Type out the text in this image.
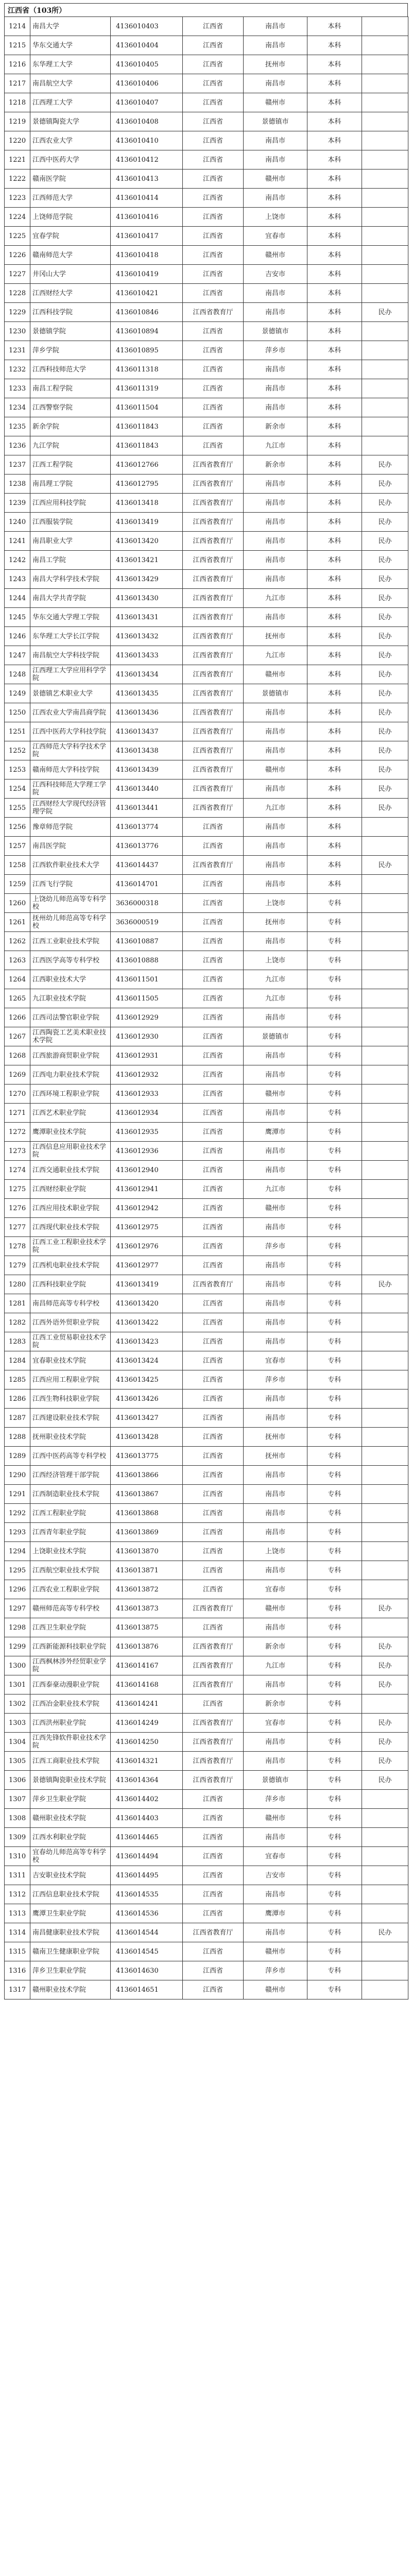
江西省（103所）
1214	南昌大学	4136010403	江西省	南昌市	本科	
1215	华东交通大学	4136010404	江西省	南昌市	本科	
1216	东华理工大学	4136010405	江西省	抚州市	本科	
1217	南昌航空大学	4136010406	江西省	南昌市	本科	
1218	江西理工大学	4136010407	江西省	赣州市	本科	
1219	景德镇陶瓷大学	4136010408	江西省	景德镇市	本科	
1220	江西农业大学	4136010410	江西省	南昌市	本科	
1221	江西中医药大学	4136010412	江西省	南昌市	本科	
1222	赣南医学院	4136010413	江西省	赣州市	本科	
1223	江西师范大学	4136010414	江西省	南昌市	本科	
1224	上饶师范学院	4136010416	江西省	上饶市	本科	
1225	宜春学院	4136010417	江西省	宜春市	本科	
1226	赣南师范大学	4136010418	江西省	赣州市	本科	
1227	井冈山大学	4136010419	江西省	吉安市	本科	
1228	江西财经大学	4136010421	江西省	南昌市	本科	
1229	江西科技学院	4136010846	江西省教育厅	南昌市	本科	民办
1230	景德镇学院	4136010894	江西省	景德镇市	本科	
1231	萍乡学院	4136010895	江西省	萍乡市	本科	
1232	江西科技师范大学	4136011318	江西省	南昌市	本科	
1233	南昌工程学院	4136011319	江西省	南昌市	本科	
1234	江西警察学院	4136011504	江西省	南昌市	本科	
1235	新余学院	4136011843	江西省	新余市	本科	
1236	九江学院	4136011843	江西省	九江市	本科	
1237	江西工程学院	4136012766	江西省教育厅	新余市	本科	民办
1238	南昌理工学院	4136012795	江西省教育厅	南昌市	本科	民办
1239	江西应用科技学院	4136013418	江西省教育厅	南昌市	本科	民办
1240	江西服装学院	4136013419	江西省教育厅	南昌市	本科	民办
1241	南昌职业大学	4136013420	江西省教育厅	南昌市	本科	民办
1242	南昌工学院	4136013421	江西省教育厅	南昌市	本科	民办
1243	南昌大学科学技术学院	4136013429	江西省教育厅	南昌市	本科	民办
1244	南昌大学共青学院	4136013430	江西省教育厅	九江市	本科	民办
1245	华东交通大学理工学院	4136013431	江西省教育厅	南昌市	本科	民办
1246	东华理工大学长江学院	4136013432	江西省教育厅	抚州市	本科	民办
1247	南昌航空大学科技学院	4136013433	江西省教育厅	九江市	本科	民办
1248	江西理工大学应用科学学院	4136013434	江西省教育厅	赣州市	本科	民办
1249	景德镇艺术职业大学	4136013435	江西省教育厅	景德镇市	本科	民办
1250	江西农业大学南昌商学院	4136013436	江西省教育厅	南昌市	本科	民办
1251	江西中医药大学科技学院	4136013437	江西省教育厅	南昌市	本科	民办
1252	江西师范大学科学技术学院	4136013438	江西省教育厅	南昌市	本科	民办
1253	赣南师范大学科技学院	4136013439	江西省教育厅	赣州市	本科	民办
1254	江西科技师范大学理工学院	4136013440	江西省教育厅	南昌市	本科	民办
1255	江西财经大学现代经济管理学院	4136013441	江西省教育厅	九江市	本科	民办
1256	豫章师范学院	4136013774	江西省	南昌市	本科	
1257	南昌医学院	4136013776	江西省	南昌市	本科	
1258	江西软件职业技术大学	4136014437	江西省教育厅	南昌市	本科	民办
1259	江西飞行学院	4136014701	江西省	南昌市	本科	
1260	上饶幼儿师范高等专科学校	3636000318	江西省	上饶市	专科	
1261	抚州幼儿师范高等专科学校	3636000519	江西省	抚州市	专科	
1262	江西工业职业技术学院	4136010887	江西省	南昌市	专科	
1263	江西医学高等专科学校	4136010888	江西省	上饶市	专科	
1264	江西职业技术大学	4136011501	江西省	九江市	专科	
1265	九江职业技术学院	4136011505	江西省	九江市	专科	
1266	江西司法警官职业学院	4136012929	江西省	南昌市	专科	
1267	江西陶瓷工艺美术职业技术学院	4136012930	江西省	景德镇市	专科	
1268	江西旅游商贸职业学院	4136012931	江西省	南昌市	专科	
1269	江西电力职业技术学院	4136012932	江西省	南昌市	专科	
1270	江西环境工程职业学院	4136012933	江西省	赣州市	专科	
1271	江西艺术职业学院	4136012934	江西省	南昌市	专科	
1272	鹰潭职业技术学院	4136012935	江西省	鹰潭市	专科	
1273	江西信息应用职业技术学院	4136012936	江西省	南昌市	专科	
1274	江西交通职业技术学院	4136012940	江西省	南昌市	专科	
1275	江西财经职业学院	4136012941	江西省	九江市	专科	
1276	江西应用技术职业学院	4136012942	江西省	赣州市	专科	
1277	江西现代职业技术学院	4136012975	江西省	南昌市	专科	
1278	江西工业工程职业技术学院	4136012976	江西省	萍乡市	专科	
1279	江西机电职业技术学院	4136012977	江西省	南昌市	专科	
1280	江西科技职业学院	4136013419	江西省教育厅	南昌市	专科	民办
1281	南昌师范高等专科学校	4136013420	江西省	南昌市	专科	
1282	江西外语外贸职业学院	4136013422	江西省	南昌市	专科	
1283	江西工业贸易职业技术学院	4136013423	江西省	南昌市	专科	
1284	宜春职业技术学院	4136013424	江西省	宜春市	专科	
1285	江西应用工程职业学院	4136013425	江西省	萍乡市	专科	
1286	江西生物科技职业学院	4136013426	江西省	南昌市	专科	
1287	江西建设职业技术学院	4136013427	江西省	南昌市	专科	
1288	抚州职业技术学院	4136013428	江西省	抚州市	专科	
1289	江西中医药高等专科学校	4136013775	江西省	抚州市	专科	
1290	江西经济管理干部学院	4136013866	江西省	南昌市	专科	
1291	江西制造职业技术学院	4136013867	江西省	南昌市	专科	
1292	江西工程职业学院	4136013868	江西省	南昌市	专科	
1293	江西青年职业学院	4136013869	江西省	南昌市	专科	
1294	上饶职业技术学院	4136013870	江西省	上饶市	专科	
1295	江西航空职业技术学院	4136013871	江西省	南昌市	专科	
1296	江西农业工程职业学院	4136013872	江西省	宜春市	专科	
1297	赣州师范高等专科学校	4136013873	江西省教育厅	赣州市	专科	民办
1298	江西卫生职业学院	4136013875	江西省	南昌市	专科	
1299	江西新能源科技职业学院	4136013876	江西省教育厅	新余市	专科	民办
1300	江西枫林涉外经贸职业学院	4136014167	江西省教育厅	九江市	专科	民办
1301	江西泰豪动漫职业学院	4136014168	江西省教育厅	南昌市	专科	民办
1302	江西冶金职业技术学院	4136014241	江西省	新余市	专科	
1303	江西洪州职业学院	4136014249	江西省教育厅	宜春市	专科	民办
1304	江西先锋软件职业技术学院	4136014250	江西省教育厅	南昌市	专科	民办
1305	江西工商职业技术学院	4136014321	江西省教育厅	南昌市	专科	民办
1306	景德镇陶瓷职业技术学院	4136014364	江西省教育厅	景德镇市	专科	民办
1307	萍乡卫生职业学院	4136014402	江西省	萍乡市	专科	
1308	赣州职业技术学院	4136014403	江西省	赣州市	专科	
1309	江西水利职业学院	4136014465	江西省	南昌市	专科	
1310	宜春幼儿师范高等专科学校	4136014494	江西省	宜春市	专科	
1311	吉安职业技术学院	4136014495	江西省	吉安市	专科	
1312	江西信息职业技术学院	4136014535	江西省	南昌市	专科	
1313	鹰潭卫生职业学院	4136014536	江西省	鹰潭市	专科	
1314	南昌健康职业技术学院	4136014544	江西省教育厅	南昌市	专科	民办
1315	赣南卫生健康职业学院	4136014545	江西省	赣州市	专科	
1316	萍乡卫生职业学院	4136014630	江西省	萍乡市	专科	
1317	赣州职业技术学院	4136014651	江西省	赣州市	专科	
